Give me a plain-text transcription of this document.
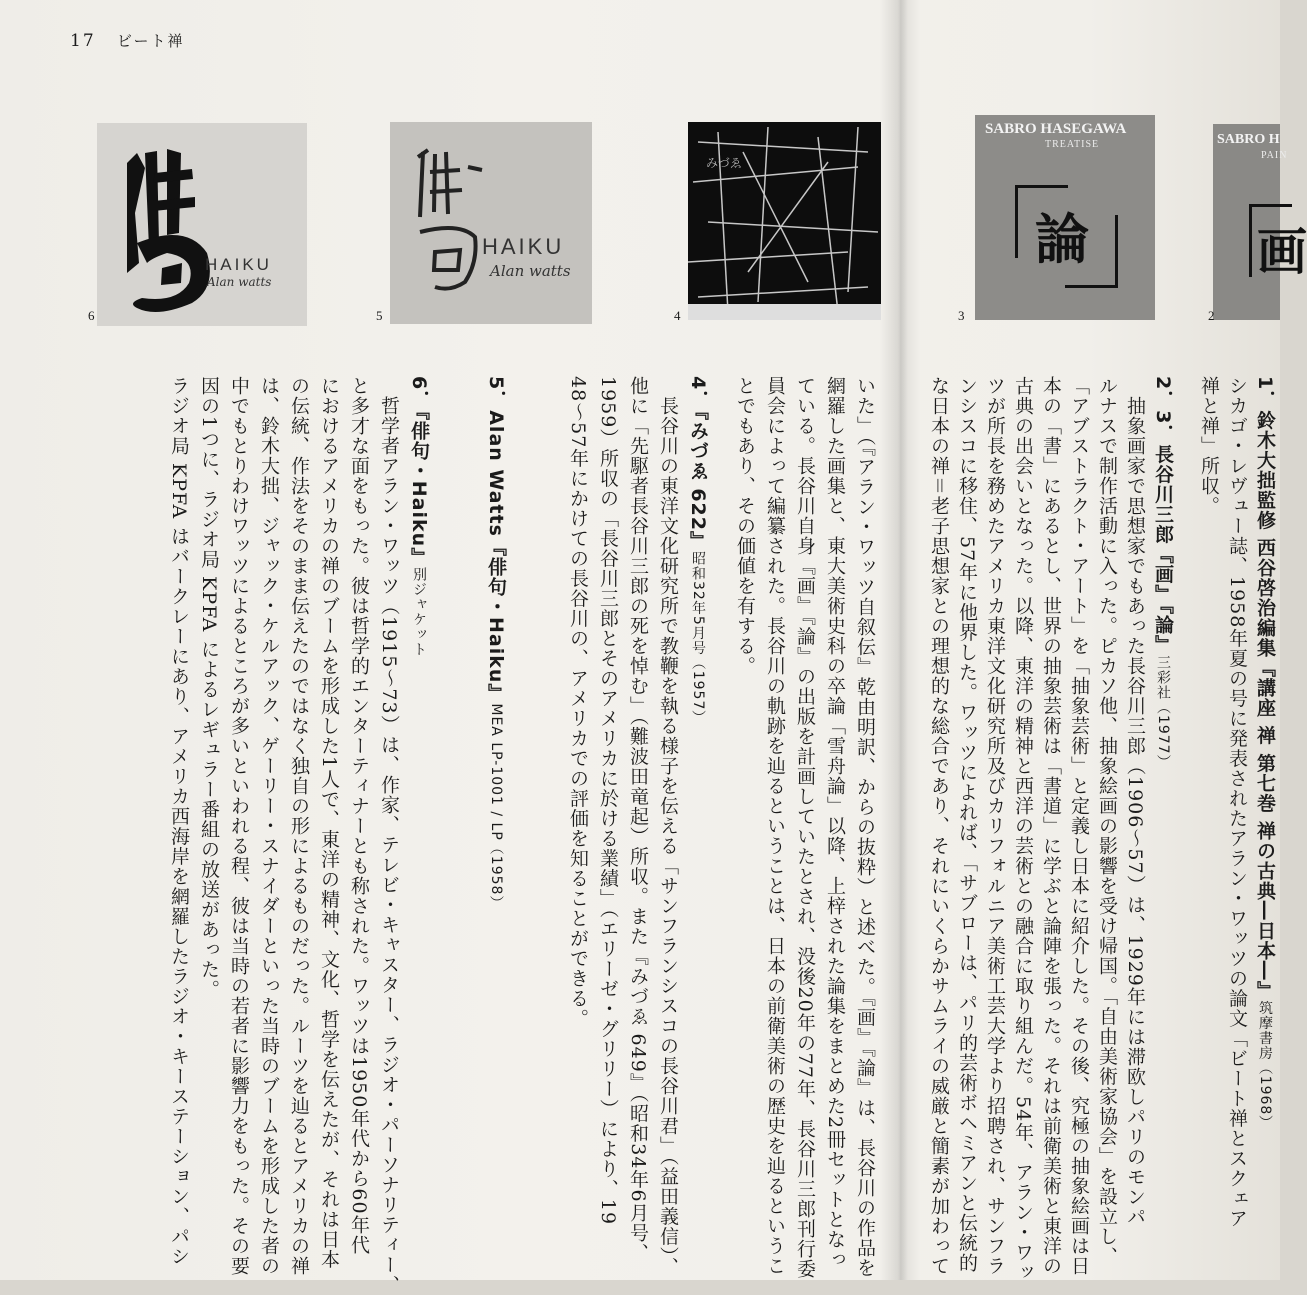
17 ビート禅
HAIKU
Alan watts
6
HAIKU
Alan watts
5
みづゑ
4
SABRO HASEGAWA
TREATISE
論
3
SABRO H
PAIN
画
2
1．鈴木大拙監修 西谷啓治編集『講座 禅 第七巻 禅の古典―日本―』筑摩書房（1968）
シカゴ・レヴュー誌、1958年夏の号に発表されたアラン・ワッツの論文「ビート禅とスクェア
禅と禅」所収。
2．3．長谷川三郎『画』『論』三彩社（1977）
　抽象画家で思想家でもあった長谷川三郎（1906〜57）は、1929年には滞欧しパリのモンパ
ルナスで制作活動に入った。ピカソ他、抽象絵画の影響を受け帰国。「自由美術家協会」を設立し、
「アブストラクト・アート」を「抽象芸術」と定義し日本に紹介した。その後、究極の抽象絵画は日
本の「書」にあるとし、世界の抽象芸術は「書道」に学ぶと論陣を張った。それは前衛美術と東洋の
古典の出会いとなった。以降、東洋の精神と西洋の芸術との融合に取り組んだ。54年、アラン・ワッ
ツが所長を務めたアメリカ東洋文化研究所及びカリフォルニア美術工芸大学より招聘され、サンフラ
ンシスコに移住、57年に他界した。ワッツによれば、「サブローは、パリ的芸術ボヘミアンと伝統的
な日本の禅＝老子思想家との理想的な総合であり、それにいくらかサムライの威厳と簡素が加わって
いた」（『アラン・ワッツ自叙伝』乾由明訳、からの抜粋）と述べた。『画』『論』は、長谷川の作品を
網羅した画集と、東大美術史科の卒論「雪舟論」以降、上梓された論集をまとめた2冊セットとなっ
ている。長谷川自身『画』『論』の出版を計画していたとされ、没後20年の77年、長谷川三郎刊行委
員会によって編纂された。長谷川の軌跡を辿るということは、日本の前衛美術の歴史を辿るというこ
とでもあり、その価値を有する。
4．『みづゑ 622』昭和32年5月号（1957）
　長谷川の東洋文化研究所で教鞭を執る様子を伝える「サンフランシスコの長谷川君」（益田義信）、
他に「先駆者長谷川三郎の死を悼む」（難波田竜起）所収。また『みづゑ 649』（昭和34年6月号、
1959）所収の「長谷川三郎とそのアメリカに於ける業績」（エリーゼ・グリリー）により、19
48〜57年にかけての長谷川の、アメリカでの評価を知ることができる。
5．Alan Watts『俳句・Haiku』MEA LP-1001 / LP（1958）
6．『俳句・Haiku』別ジャケット
　哲学者アラン・ワッツ（1915〜73）は、作家、テレビ・キャスター、ラジオ・パーソナリティー、
と多才な面をもった。彼は哲学的エンターティナーとも称された。ワッツは1950年代から60年代
におけるアメリカの禅のブームを形成した1人で、東洋の精神、文化、哲学を伝えたが、それは日本
の伝統、作法をそのまま伝えたのではなく独自の形によるものだった。ルーツを辿るとアメリカの禅
は、鈴木大拙、ジャック・ケルアック、ゲーリー・スナイダーといった当時のブームを形成した者の
中でもとりわけワッツによるところが多いといわれる程、彼は当時の若者に影響力をもった。その要
因の1つに、ラジオ局 KPFA によるレギュラー番組の放送があった。
ラジオ局 KPFA はバークレーにあり、アメリカ西海岸を網羅したラジオ・キーステーション、パシ
